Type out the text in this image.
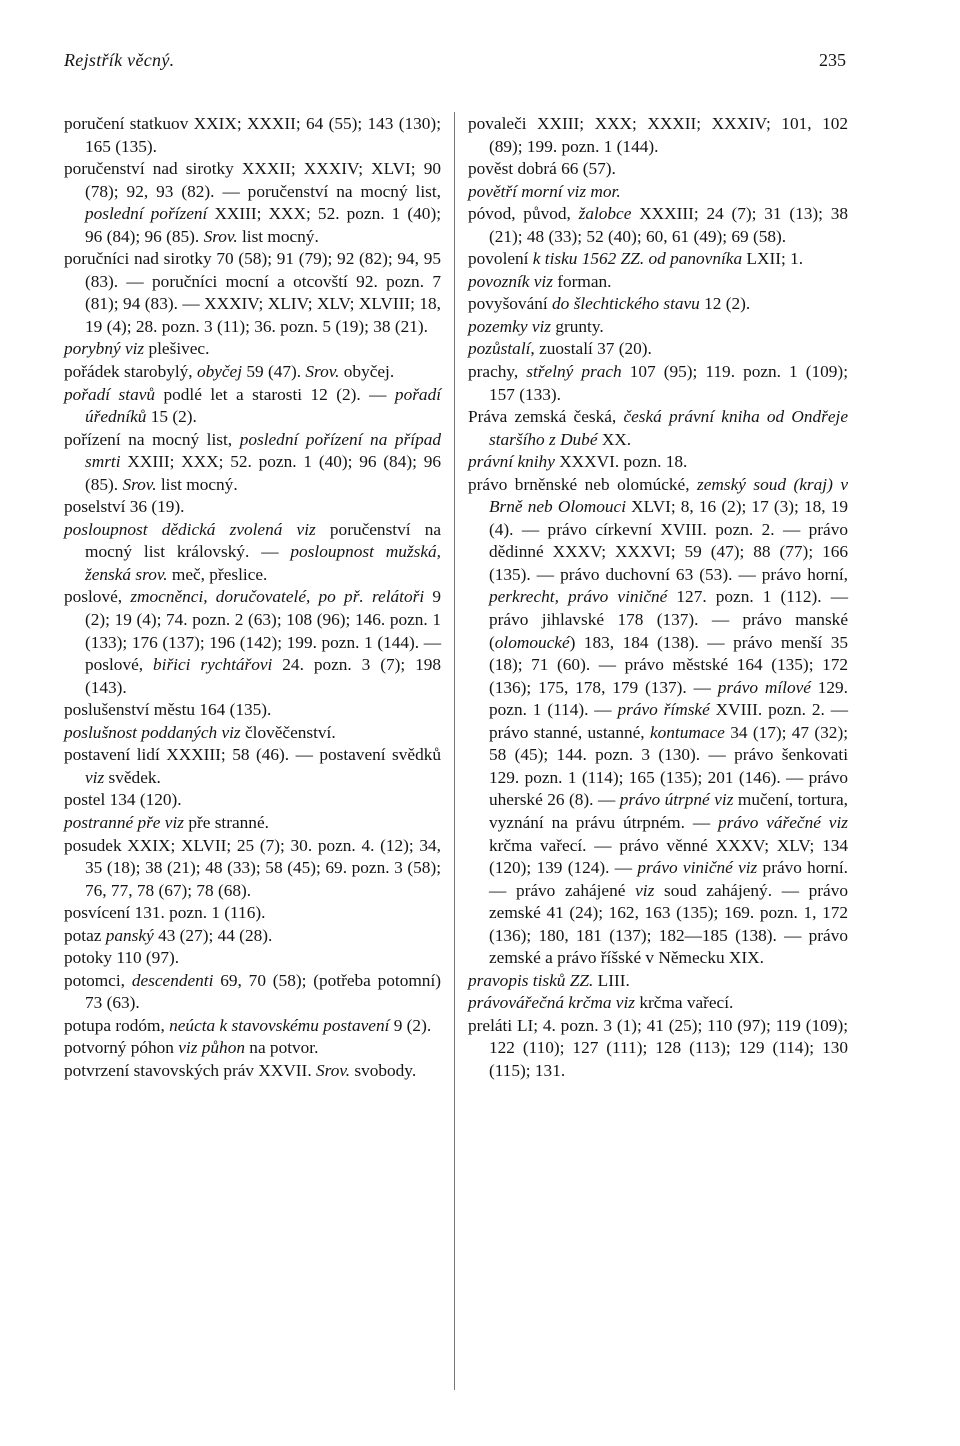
Rejstřík věcný.	235

poručení statkuov XXIX; XXXII; 64 (55); 143 (130); 165 (135).

poručenství nad sirotky XXXII; XXXIV; XLVI; 90 (78); 92, 93 (82). — poručenství na mocný list, poslední pořízení XXIII; XXX; 52. pozn. 1 (40); 96 (84); 96 (85). Srov. list mocný.

poručníci nad sirotky 70 (58); 91 (79); 92 (82); 94, 95 (83). — poručníci mocní a otcovští 92. pozn. 7 (81); 94 (83). — XXXIV; XLIV; XLV; XLVIII; 18, 19 (4); 28. pozn. 3 (11); 36. pozn. 5 (19); 38 (21).

porybný viz plešivec.

pořádek starobylý, obyčej 59 (47). Srov. obyčej.

pořadí stavů podlé let a starosti 12 (2). — pořadí úředníků 15 (2).

pořízení na mocný list, poslední pořízení na případ smrti XXIII; XXX; 52. pozn. 1 (40); 96 (84); 96 (85). Srov. list mocný.

poselství 36 (19).

posloupnost dědická zvolená viz poručenství na mocný list královský. — posloupnost mužská, ženská srov. meč, přeslice.

poslové, zmocněnci, doručovatelé, po př. relátoři 9 (2); 19 (4); 74. pozn. 2 (63); 108 (96); 146. pozn. 1 (133); 176 (137); 196 (142); 199. pozn. 1 (144). — poslové, biřici rychtářovi 24. pozn. 3 (7); 198 (143).

poslušenství městu 164 (135).

poslušnost poddaných viz člověčenství.

postavení lidí XXXIII; 58 (46). — postavení svědků viz svědek.

postel 134 (120).

postranné pře viz pře stranné.

posudek XXIX; XLVII; 25 (7); 30. pozn. 4. (12); 34, 35 (18); 38 (21); 48 (33); 58 (45); 69. pozn. 3 (58); 76, 77, 78 (67); 78 (68).

posvícení 131. pozn. 1 (116).

potaz panský 43 (27); 44 (28).

potoky 110 (97).

potomci, descendenti 69, 70 (58); (potřeba potomní) 73 (63).

potupa rodóm, neúcta k stavovskému postavení 9 (2).

potvorný póhon viz půhon na potvor.

potvrzení stavovských práv XXVII. Srov. svobody.

povaleči XXIII; XXX; XXXII; XXXIV; 101, 102 (89); 199. pozn. 1 (144).

pověst dobrá 66 (57).

povětří morní viz mor.

póvod, původ, žalobce XXXIII; 24 (7); 31 (13); 38 (21); 48 (33); 52 (40); 60, 61 (49); 69 (58).

povolení k tisku 1562 ZZ. od panovníka LXII; 1.

povozník viz forman.

povyšování do šlechtického stavu 12 (2).

pozemky viz grunty.

pozůstalí, zuostalí 37 (20).

prachy, střelný prach 107 (95); 119. pozn. 1 (109); 157 (133).

Práva zemská česká, česká právní kniha od Ondřeje staršího z Dubé XX.

právní knihy XXXVI. pozn. 18.

právo brněnské neb olomúcké, zemský soud (kraj) v Brně neb Olomouci XLVI; 8, 16 (2); 17 (3); 18, 19 (4). — právo církevní XVIII. pozn. 2. — právo dědinné XXXV; XXXVI; 59 (47); 88 (77); 166 (135). — právo duchovní 63 (53). — právo horní, perkrecht, právo viničné 127. pozn. 1 (112). — právo jihlavské 178 (137). — právo manské (olomoucké) 183, 184 (138). — právo menší 35 (18); 71 (60). — právo městské 164 (135); 172 (136); 175, 178, 179 (137). — právo mílové 129. pozn. 1 (114). — právo římské XVIII. pozn. 2. — právo stanné, ustanné, kontumace 34 (17); 47 (32); 58 (45); 144. pozn. 3 (130). — právo šenkovati 129. pozn. 1 (114); 165 (135); 201 (146). — právo uherské 26 (8). — právo útrpné viz mučení, tortura, vyznání na právu útrpném. — právo vářečné viz krčma vařecí. — právo věnné XXXV; XLV; 134 (120); 139 (124). — právo viničné viz právo horní. — právo zahájené viz soud zahájený. — právo zemské 41 (24); 162, 163 (135); 169. pozn. 1, 172 (136); 180, 181 (137); 182—185 (138). — právo zemské a právo říšské v Německu XIX.

pravopis tisků ZZ. LIII.

právovářečná krčma viz krčma vařecí.

preláti LI; 4. pozn. 3 (1); 41 (25); 110 (97); 119 (109); 122 (110); 127 (111); 128 (113); 129 (114); 130 (115); 131.
